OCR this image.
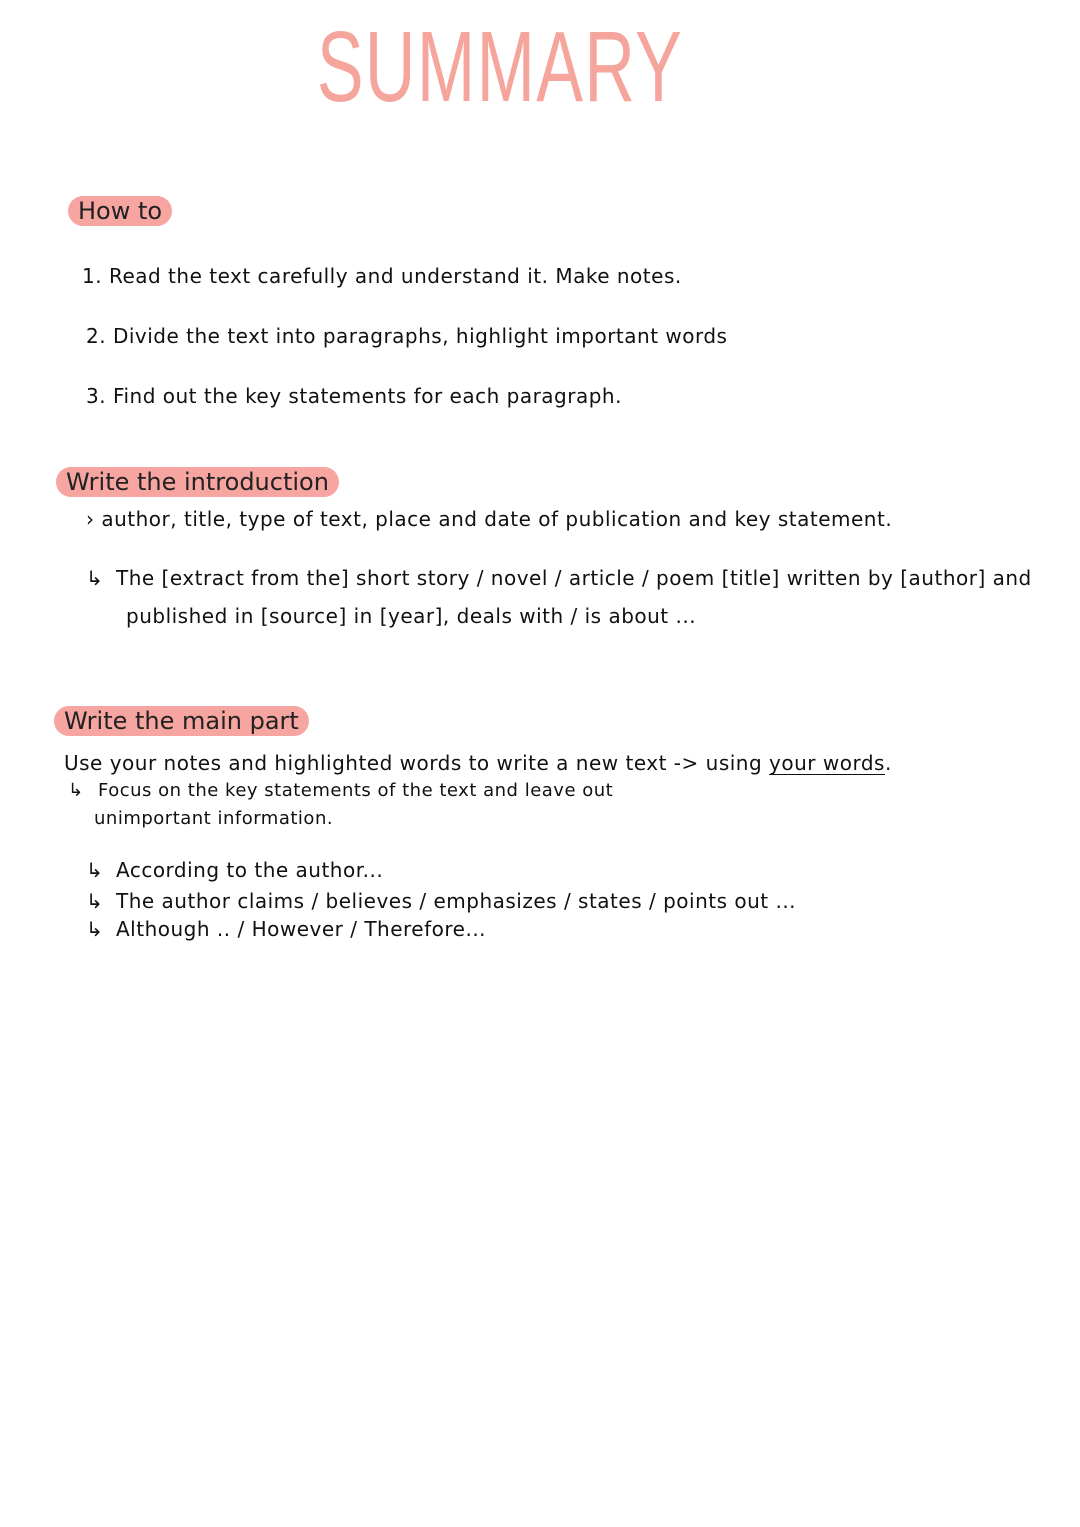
SUMMARY
How to
1. Read the text carefully and understand it. Make notes.
2. Divide the text into paragraphs, highlight important words
3. Find out the key statements for each paragraph.
Write the introduction
› author, title, type of text, place and date of publication and key statement.
↳ The [extract from the] short story / novel / article / poem [title] written by [author] and
published in [source] in [year], deals with / is about ...
Write the main part
Use your notes and highlighted words to write a new text -> using your words.
↳ Focus on the key statements of the text and leave out
unimportant information.
↳ According to the author...
↳ The author claims / believes / emphasizes / states / points out ...
↳ Although .. / However / Therefore...
